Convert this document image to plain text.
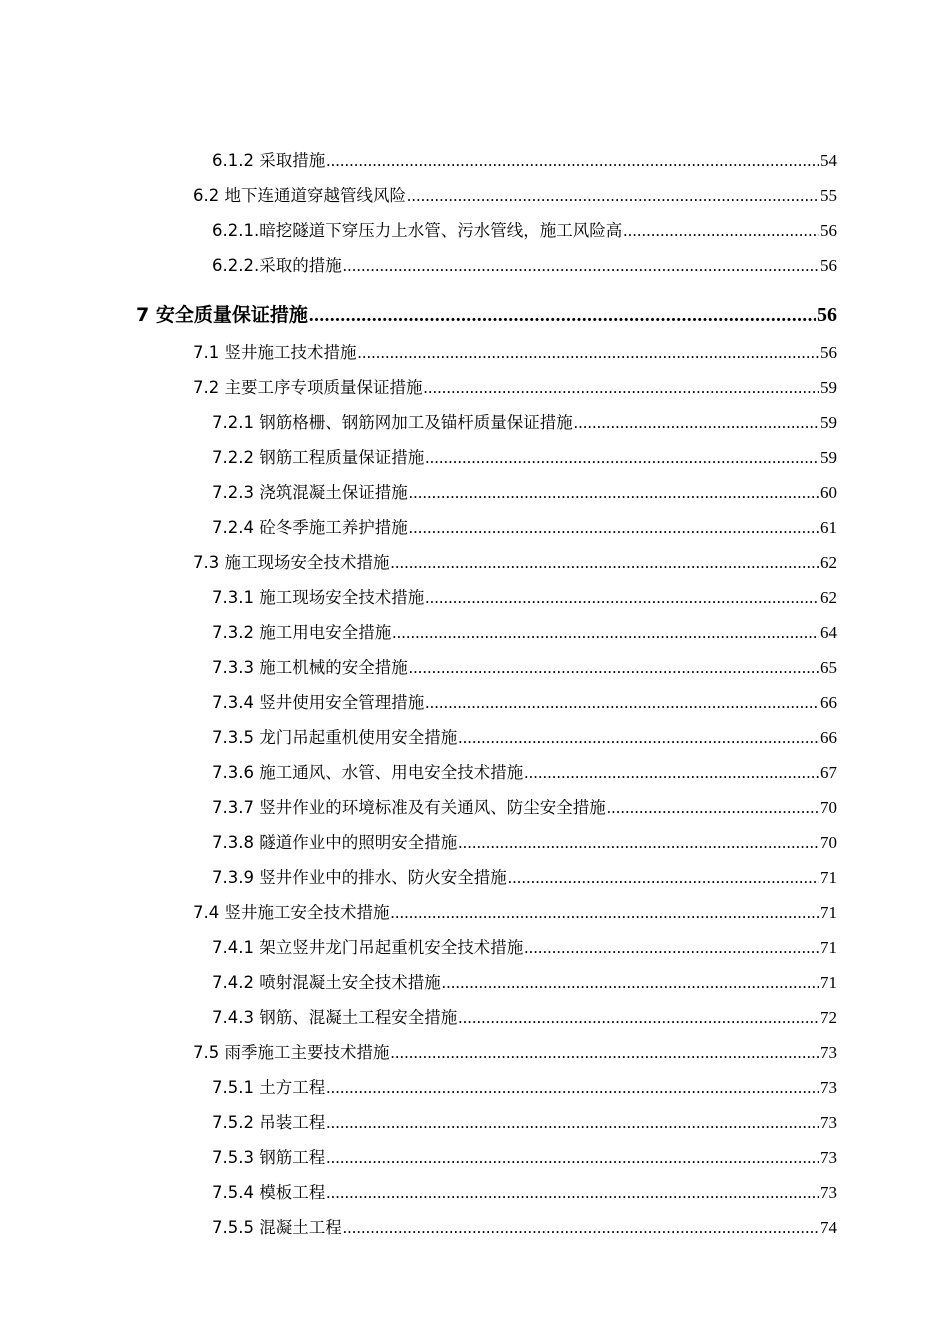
6.1.2 采取措施 .....	54
6.2 地下连通道穿越管线风险 .....	55
6.2.1.暗挖隧道下穿压力上水管、污水管线，施工风险高 .....	56
6.2.2.采取的措施 .....	56
7 安全质量保证措施 .....	56
7.1 竖井施工技术措施 .....	56
7.2 主要工序专项质量保证措施 .....	59
7.2.1 钢筋格栅、钢筋网加工及锚杆质量保证措施 .....	59
7.2.2 钢筋工程质量保证措施 .....	59
7.2.3 浇筑混凝土保证措施 .....	60
7.2.4 砼冬季施工养护措施 .....	61
7.3 施工现场安全技术措施 .....	62
7.3.1 施工现场安全技术措施 .....	62
7.3.2 施工用电安全措施 .....	64
7.3.3 施工机械的安全措施 .....	65
7.3.4 竖井使用安全管理措施 .....	66
7.3.5 龙门吊起重机使用安全措施 .....	66
7.3.6 施工通风、水管、用电安全技术措施 .....	67
7.3.7 竖井作业的环境标准及有关通风、防尘安全措施 .....	70
7.3.8 隧道作业中的照明安全措施 .....	70
7.3.9 竖井作业中的排水、防火安全措施 .....	71
7.4 竖井施工安全技术措施 .....	71
7.4.1 架立竖井龙门吊起重机安全技术措施 .....	71
7.4.2 喷射混凝土安全技术措施 .....	71
7.4.3 钢筋、混凝土工程安全措施 .....	72
7.5 雨季施工主要技术措施 .....	73
7.5.1 土方工程 .....	73
7.5.2 吊装工程 .....	73
7.5.3 钢筋工程 .....	73
7.5.4 模板工程 .....	73
7.5.5 混凝土工程 .....	74
